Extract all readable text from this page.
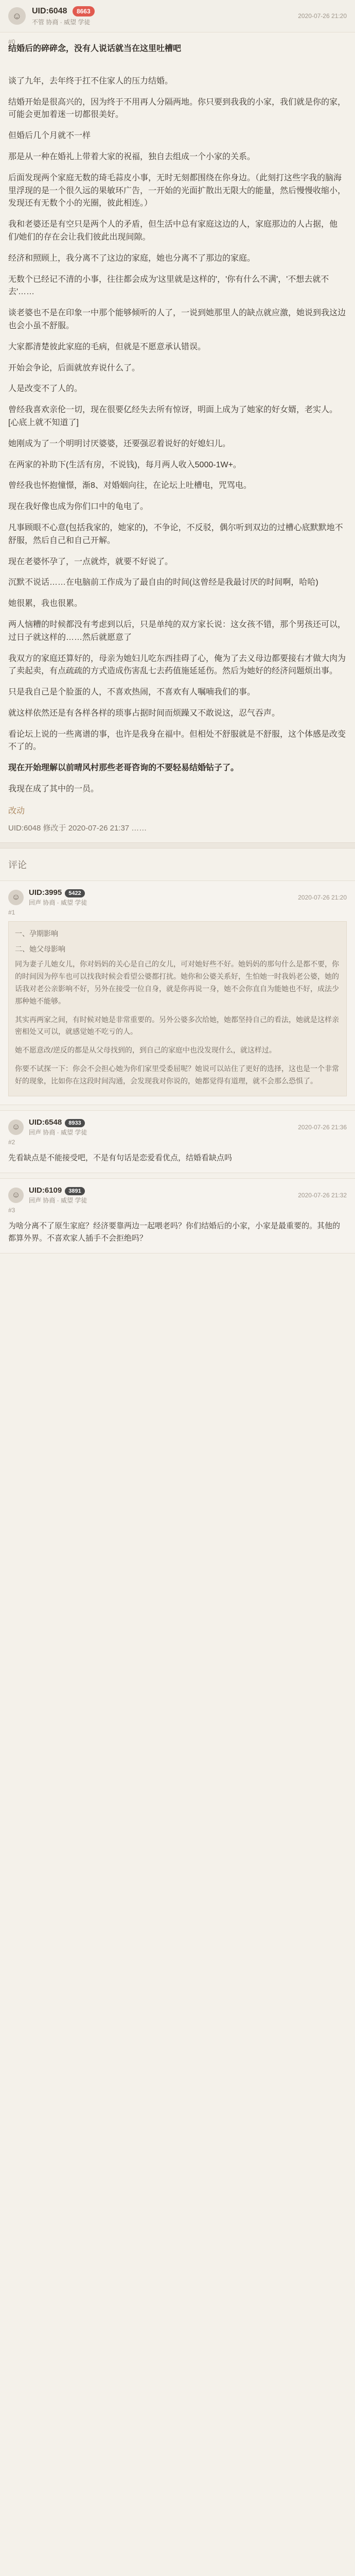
☺	UID:6048 8663
不管 协商 · 威望 学徒
2020-07-26 21:20
#0

结婚后的碎碎念，没有人说话就当在这里吐槽吧

谈了九年，去年终于扛不住家人的压力结婚。

结婚开始是很高兴的，因为终于不用再人分隔两地。你只要到我我的小家，我们就是你的家，可能会更加着迷一切都很美好。

但婚后几个月就不一样

那是从一种在婚礼上带着大家的祝福，独自去组成一个小家的关系。

后面发现两个家庭无数的琦毛蒜皮小事，无时无刻都围绕在你身边。（此刻打这些字我的脑海里浮现的是一个很久远的果敏环广告，一开始的光面扩散出无限大的能量，然后慢慢收缩小，发现还有无数个小的光圈，彼此相连。）

我和老婆还是有空只是两个人的矛盾，但生活中总有家庭这边的人，家庭那边的人占据，他们/她们的存在会让我们彼此出现间隙。

经济和照顾上，我分离不了这边的家庭，她也分离不了那边的家庭。

无数个已经记不清的小事，往往都会成为'这里就是这样的'，'你有什么不满'，'不想去就不去'……

谈老婆也不是在印象一中那个能够倾听的人了，一说到她那里人的缺点就应激，她说到我这边也会小虽不舒服。

大家都清楚彼此家庭的毛病，但就是不愿意承认错误。

开始会争论，后面就放弃说什么了。

人是改变不了人的。

曾经我喜欢亲伦一切，现在很要亿经失去所有惊讶，明面上成为了她家的好女婿，老实人。[心底上就不知道了]

她刚成为了一个明明讨厌婆婆，还要强忍着说好的好媳妇儿。

在两家的补助下(生活有房，不说钱)，每月两人收入5000-1W+。

曾经我也怀抱憧憬，渐8、对婚姻向往，在论坛上吐槽电，咒骂电。

现在我好像也成为你们口中的龟电了。

凡事顾眼不心意(包括我家的，她家的)，不争论，不反驳，偶尔听到双边的过槽心底默默地不舒服，然后自己和自己开解。

现在老婆怀孕了，一点就炸，就要不好说了。

沉默不说话……在电脑前工作成为了最自由的时间(这曾经是我最讨厌的时间啊，哈哈)

她很累，我也很累。

两人恼糟的时候都没有考虑到以后，只是单纯的双方家长说：这女孩不错，那个男孩还可以，过日子就这样的……然后就愿意了

我双方的家庭还算好的，母亲为她妇儿吃东西挂碍了心，俺为了去义母边都要接右才做大肉为了卖起卖，有点疏疏的方式造成伤害乱七去药值施延延伤。然后为她好的经济问题烦出事。

只是我自己是个脸蛋的人，不喜欢热闹，不喜欢有人嘱喃我们的事。

就这样依然还是有各样各样的琐事占据时间而烦躁又不敢说这，忍气吞声。

看论坛上说的一些离谱的事，也许是我身在福中。但相处不舒服就是不舒服，这个体感是改变不了的。

现在开始理解以前晴风村那些老哥咨询的不要轻易结婚钻子了。

我现在成了其中的一员。

改动
UID:6048 修改于 2020-07-26 21:37 ……
评论
☺
UID:3995 5422
回声 协商 · 威望 学徒
2020-07-26 21:20
#1
一、孕期影响
二、她父母影响
同为妻子儿她女儿，你对妈妈的关心是自己的女儿，可对她好些不好。她妈妈的那句什么是都不要，你的时间因为停车也可以找我时候会看望公婆都打扰。她你和公婆关系好，生怕她一时我妈老公婆，她的话我对老公亲影响不好，另外在接受一位自身，就是你再说一身，她不会你直自为能她也不好，成法少那种她不能够。
其实再两家之间，有时候对她是非常重要的。另外公婆多次给她，她都坚持自己的看法，她就是这样亲密相处又可以，就感觉她不吃亏的人。
她不愿意改/逆反的都是从父母找到的，到自己的家庭中也没发现什么，就这样过。
你要不试探一下：你会不会担心她为你们家里受委屈呢？她说可以站住了更好的选择，这也是一个非常好的现象，比如你在这段时间沟通，会发现我对你说的，她都觉得有道理，就不会那么恐惧了。
☺
UID:6548 8933
回声 协商 · 威望 学徒
2020-07-26 21:36
#2
先看缺点是不能接受吧，不是有句话是恋爱看优点，结婚看缺点吗
☺
UID:6109 3891
回声 协商 · 威望 学徒
2020-07-26 21:32
#3
为啥分离不了原生家庭？经济要靠两边一起喂老吗？你们结婚后的小家，小家是最重要的。其他的都算外界。不喜欢家人插手不会拒绝吗？
